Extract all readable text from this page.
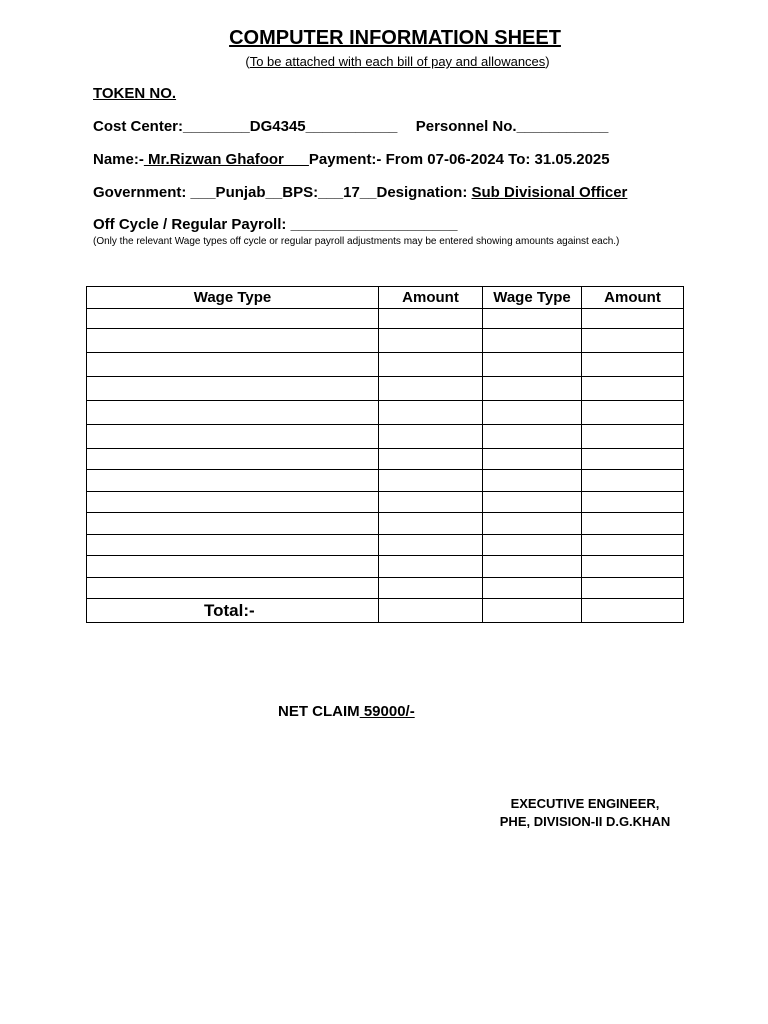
COMPUTER INFORMATION SHEET
(To be attached with each bill of pay and allowances)
TOKEN NO.
Cost Center:________DG4345___________ Personnel No.___________
Name:- Mr.Rizwan Ghafoor___Payment:- From 07-06-2024 To: 31.05.2025
Government: ___Punjab__BPS:___17__Designation: Sub Divisional Officer
Off Cycle / Regular Payroll: ____________________
(Only the relevant Wage types off cycle or regular payroll adjustments may be entered showing amounts against each.)
Wage Type	Amount	Wage Type	Amount

Total:-			
NET CLAIM 59000/-
EXECUTIVE ENGINEER,
PHE, DIVISION-II D.G.KHAN
